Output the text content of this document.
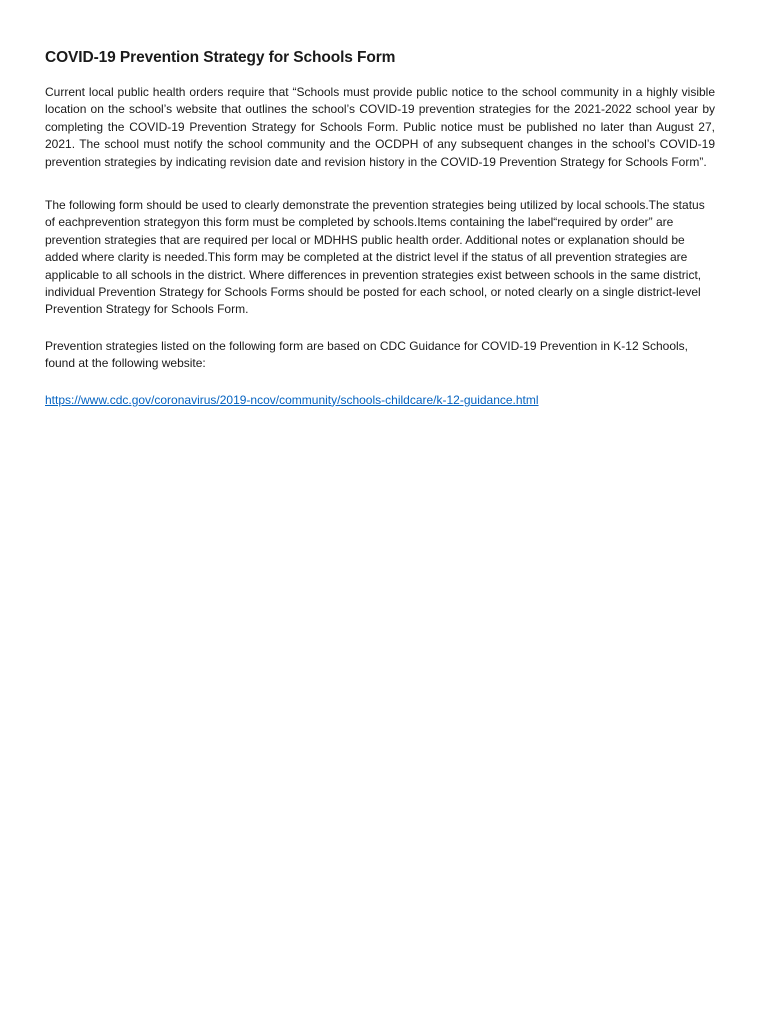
COVID-19 Prevention Strategy for Schools Form

Current local public health orders require that “Schools must provide public notice to the school community in a highly visible location on the school’s website that outlines the school’s COVID-19 prevention strategies for the 2021-2022 school year by completing the COVID-19 Prevention Strategy for Schools Form. Public notice must be published no later than August 27, 2021. The school must notify the school community and the OCDPH of any subsequent changes in the school’s COVID-19 prevention strategies by indicating revision date and revision history in the COVID-19 Prevention Strategy for Schools Form”.

The following form should be used to clearly demonstrate the prevention strategies being utilized by local schools.The status of eachprevention strategyon this form must be completed by schools.Items containing the label“required by order” are prevention strategies that are required per local or MDHHS public health order. Additional notes or explanation should be added where clarity is needed.This form may be completed at the district level if the status of all prevention strategies are applicable to all schools in the district. Where differences in prevention strategies exist between schools in the same district, individual Prevention Strategy for Schools Forms should be posted for each school, or noted clearly on a single district-level Prevention Strategy for Schools Form.

Prevention strategies listed on the following form are based on CDC Guidance for COVID-19 Prevention in K-12 Schools, found at the following website:

https://www.cdc.gov/coronavirus/2019-ncov/community/schools-childcare/k-12-guidance.html
